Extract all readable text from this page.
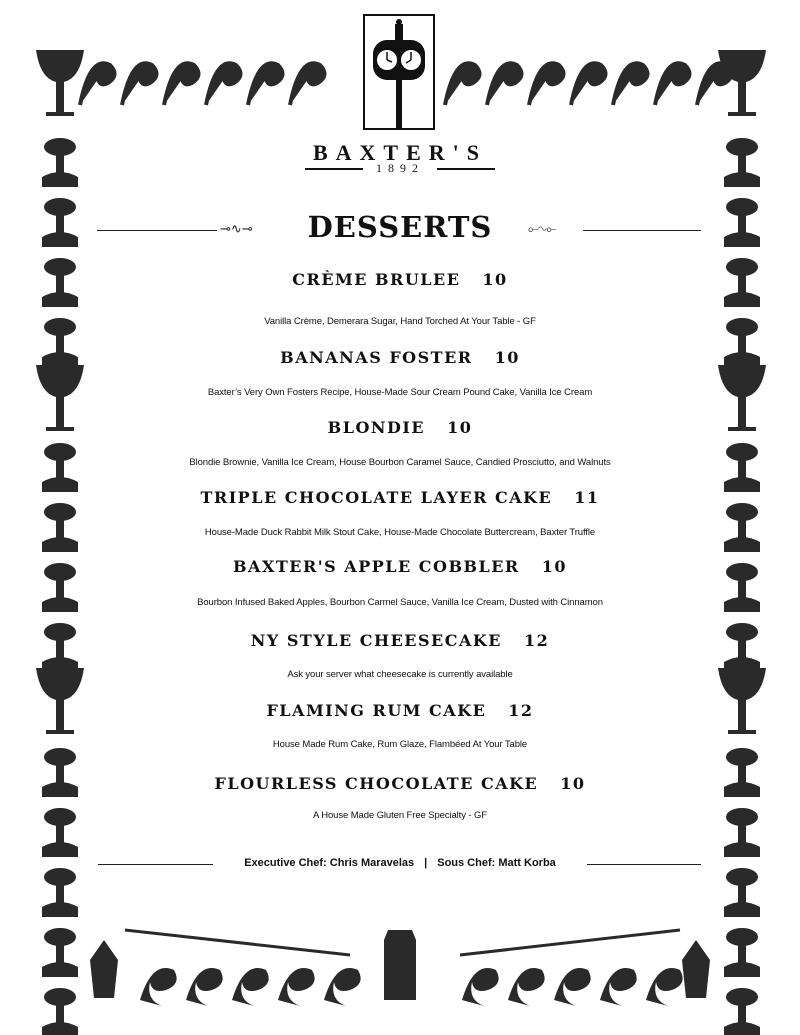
BAXTER'S
1892
⊸∿⊸	⟜∿⟜
DESSERTS
CRÈME BRULEE 10
Vanilla Crème, Demerara Sugar, Hand Torched At Your Table - GF
BANANAS FOSTER 10
Baxter’s Very Own Fosters Recipe, House-Made Sour Cream Pound Cake, Vanilla Ice Cream
BLONDIE 10
Blondie Brownie, Vanilla Ice Cream, House Bourbon Caramel Sauce, Candied Prosciutto, and Walnuts
TRIPLE CHOCOLATE LAYER CAKE 11
House-Made Duck Rabbit Milk Stout Cake, House-Made Chocolate Buttercream, Baxter Truffle
BAXTER'S APPLE COBBLER 10
Bourbon Infused Baked Apples, Bourbon Carmel Sauce, Vanilla Ice Cream, Dusted with Cinnamon
NY STYLE CHEESECAKE 12
Ask your server what cheesecake is currently available
FLAMING RUM CAKE 12
House Made Rum Cake, Rum Glaze, Flambéed At Your Table
FLOURLESS CHOCOLATE CAKE 10
A House Made Gluten Free Specialty - GF
Executive Chef: Chris Maravelas | Sous Chef: Matt Korba
